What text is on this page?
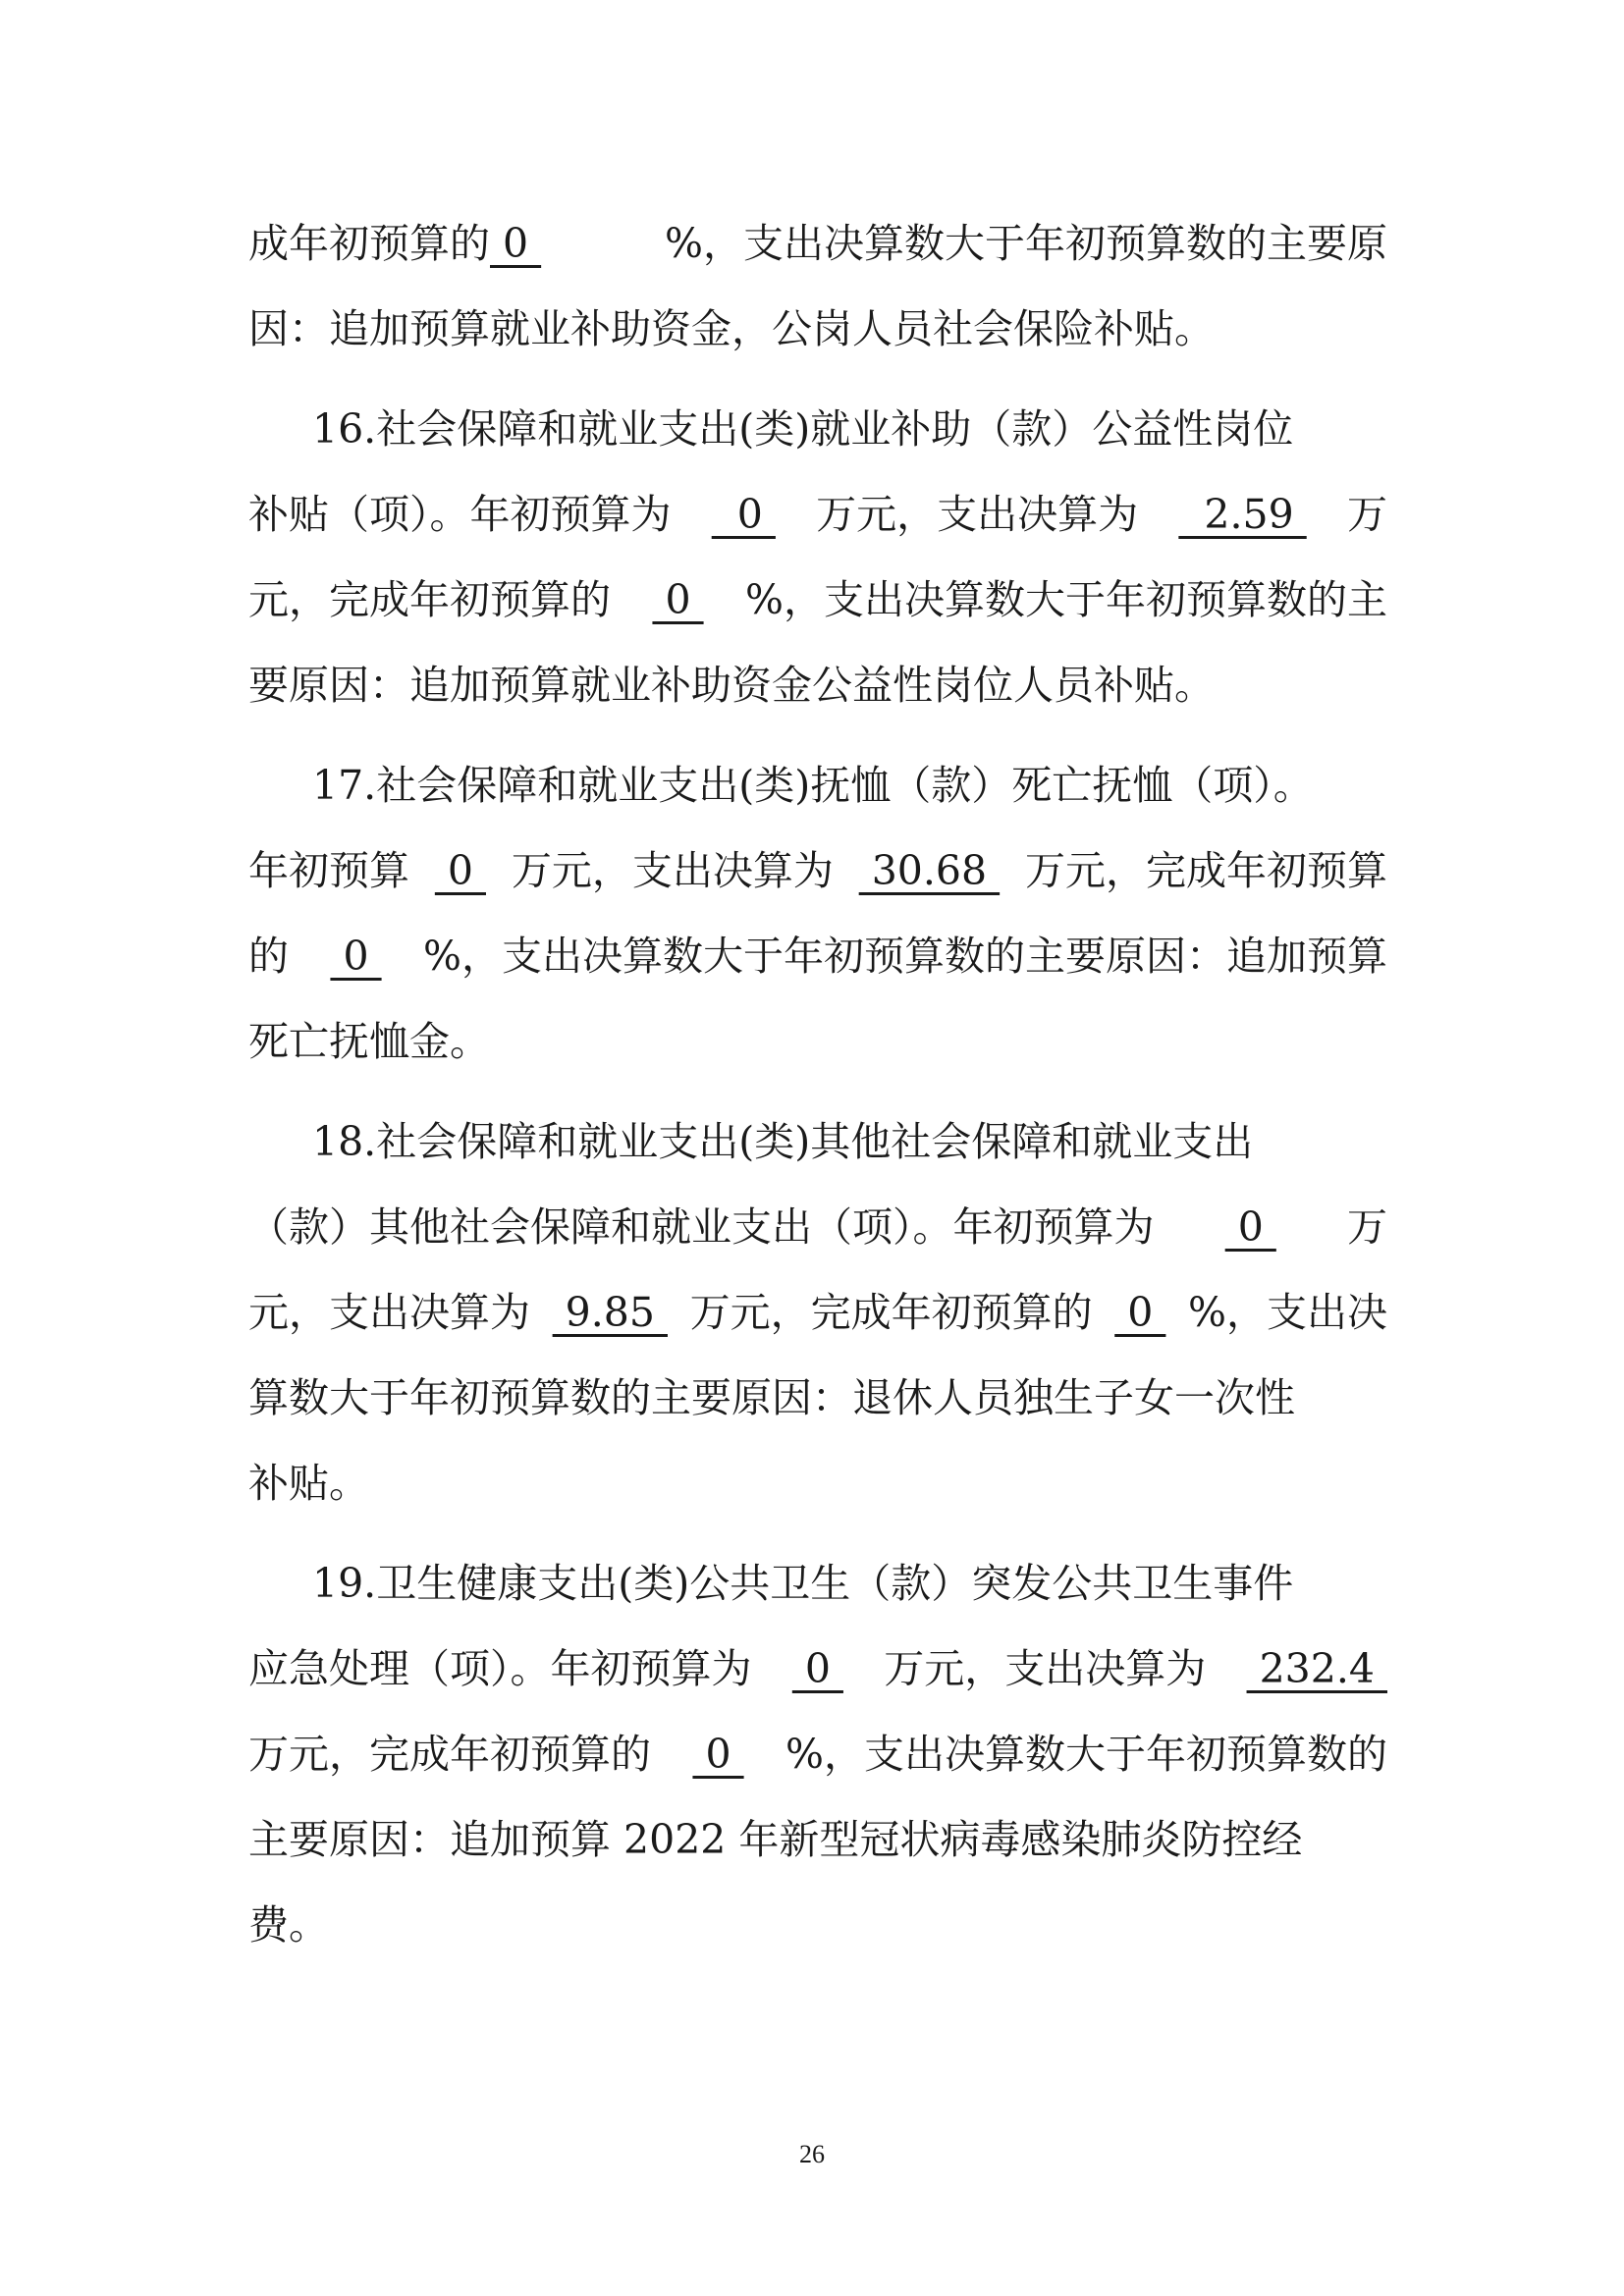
成年初预算的 0	%，支出决算数大于年初预算数的主要原
因：追加预算就业补助资金，公岗人员社会保险补贴。
16.社会保障和就业支出(类)就业补助（款）公益性岗位
补贴（项）。年初预算为 0 万元，支出决算为 2.59 万
元，完成年初预算的 0 %，支出决算数大于年初预算数的主
要原因：追加预算就业补助资金公益性岗位人员补贴。
17.社会保障和就业支出(类)抚恤（款）死亡抚恤（项）。
年初预算 0 万元，支出决算为 30.68 万元，完成年初预算
的 0 %，支出决算数大于年初预算数的主要原因：追加预算
死亡抚恤金。
18.社会保障和就业支出(类)其他社会保障和就业支出
（款）其他社会保障和就业支出（项）。年初预算为 0 万
元，支出决算为 9.85 万元，完成年初预算的 0 %，支出决
算数大于年初预算数的主要原因：退休人员独生子女一次性
补贴。
19.卫生健康支出(类)公共卫生（款）突发公共卫生事件
应急处理（项）。年初预算为 0 万元，支出决算为 232.4
万元，完成年初预算的 0 %，支出决算数大于年初预算数的
主要原因：追加预算 2022 年新型冠状病毒感染肺炎防控经
费。
26
